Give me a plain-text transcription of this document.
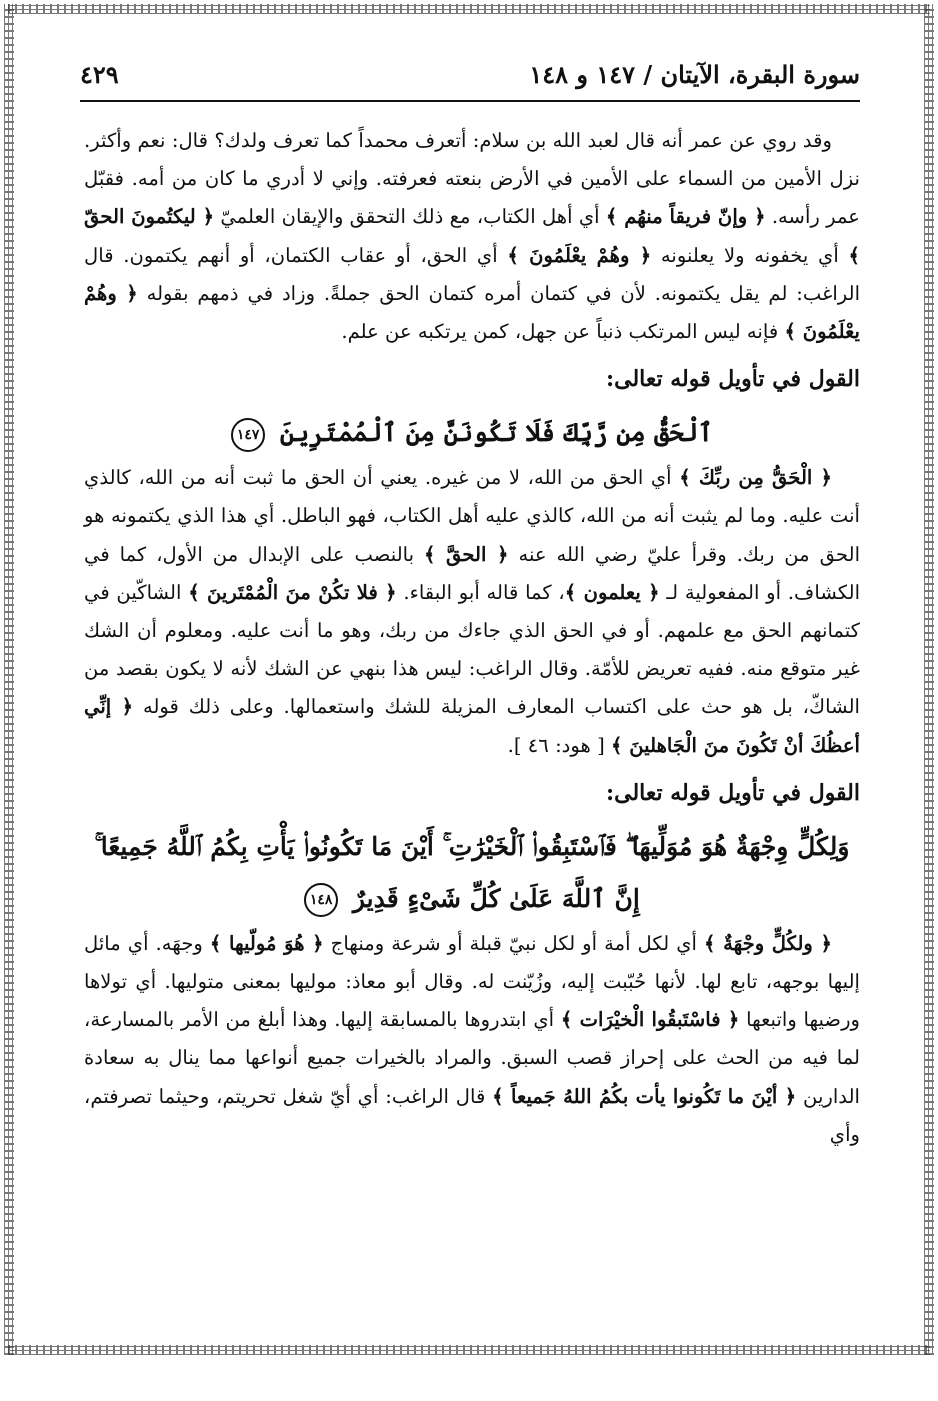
سورة البقرة، الآيتان / ١٤٧ و ١٤٨
٤٢٩

وقد روي عن عمر أنه قال لعبد الله بن سلام: أتعرف محمداً كما تعرف ولدك؟ قال: نعم وأكثر. نزل الأمين من السماء على الأمين في الأرض بنعته فعرفته. وإني لا أدري ما كان من أمه. فقبّل عمر رأسه. ﴿ وإنّ فريقاً منهُم ﴾ أي أهل الكتاب، مع ذلك التحقق والإيقان العلميّ ﴿ ليكتُمونَ الحقّ ﴾ أي يخفونه ولا يعلنونه ﴿ وهُمْ يعْلَمُونَ ﴾ أي الحق، أو عقاب الكتمان، أو أنهم يكتمون. قال الراغب: لم يقل يكتمونه. لأن في كتمان أمره كتمان الحق جملةً. وزاد في ذمهم بقوله ﴿ وهُمْ يعْلَمُونَ ﴾ فإنه ليس المرتكب ذنباً عن جهل، كمن يرتكبه عن علم.

القول في تأويل قوله تعالى:
ٱلْحَقُّ مِن رَّبِّكَ فَلَا تَكُونَنَّ مِنَ ٱلْمُمْتَرِينَ ١٤٧

﴿ الْحَقُّ مِن ربِّكَ ﴾ أي الحق من الله، لا من غيره. يعني أن الحق ما ثبت أنه من الله، كالذي أنت عليه. وما لم يثبت أنه من الله، كالذي عليه أهل الكتاب، فهو الباطل. أي هذا الذي يكتمونه هو الحق من ربك. وقرأ عليّ رضي الله عنه ﴿ الحقَّ ﴾ بالنصب على الإبدال من الأول، كما في الكشاف. أو المفعولية لـ ﴿ يعلمون ﴾، كما قاله أبو البقاء. ﴿ فلا تكُنْ منَ الْمُمْتَرينَ ﴾ الشاكّين في كتمانهم الحق مع علمهم. أو في الحق الذي جاءك من ربك، وهو ما أنت عليه. ومعلوم أن الشك غير متوقع منه. ففيه تعريض للأمّة. وقال الراغب: ليس هذا بنهي عن الشك لأنه لا يكون بقصد من الشاكّ، بل هو حث على اكتساب المعارف المزيلة للشك واستعمالها. وعلى ذلك قوله ﴿ إنِّي أعظُكَ أنْ تَكُونَ منَ الْجَاهلينَ ﴾ [ هود: ٤٦ ].

القول في تأويل قوله تعالى:
وَلِكُلٍّ وِجْهَةٌ هُوَ مُوَلِّيهَا ۖ فَٱسْتَبِقُوا۟ ٱلْخَيْرَٰتِ ۚ أَيْنَ مَا تَكُونُوا۟ يَأْتِ بِكُمُ ٱللَّهُ جَمِيعًا ۚ
إِنَّ ٱللَّهَ عَلَىٰ كُلِّ شَىْءٍ قَدِيرٌ ١٤٨

﴿ ولكُلٍّ وجْهَةٌ ﴾ أي لكل أمة أو لكل نبيّ قبلة أو شرعة ومنهاج ﴿ هُوَ مُولّيها ﴾ وجهَه. أي مائل إليها بوجهه، تابع لها. لأنها حُبّبت إليه، وزُيّنت له. وقال أبو معاذ: موليها بمعنى متوليها. أي تولاها ورضيها واتبعها ﴿ فاسْتَبقُوا الْخيْرَات ﴾ أي ابتدروها بالمسابقة إليها. وهذا أبلغ من الأمر بالمسارعة، لما فيه من الحث على إحراز قصب السبق. والمراد بالخيرات جميع أنواعها مما ينال به سعادة الدارين ﴿ أيْنَ ما تَكُونوا يأت بكُمُ اللهُ جَميعاً ﴾ قال الراغب: أي أيّ شغل تحريتم، وحيثما تصرفتم، وأي
